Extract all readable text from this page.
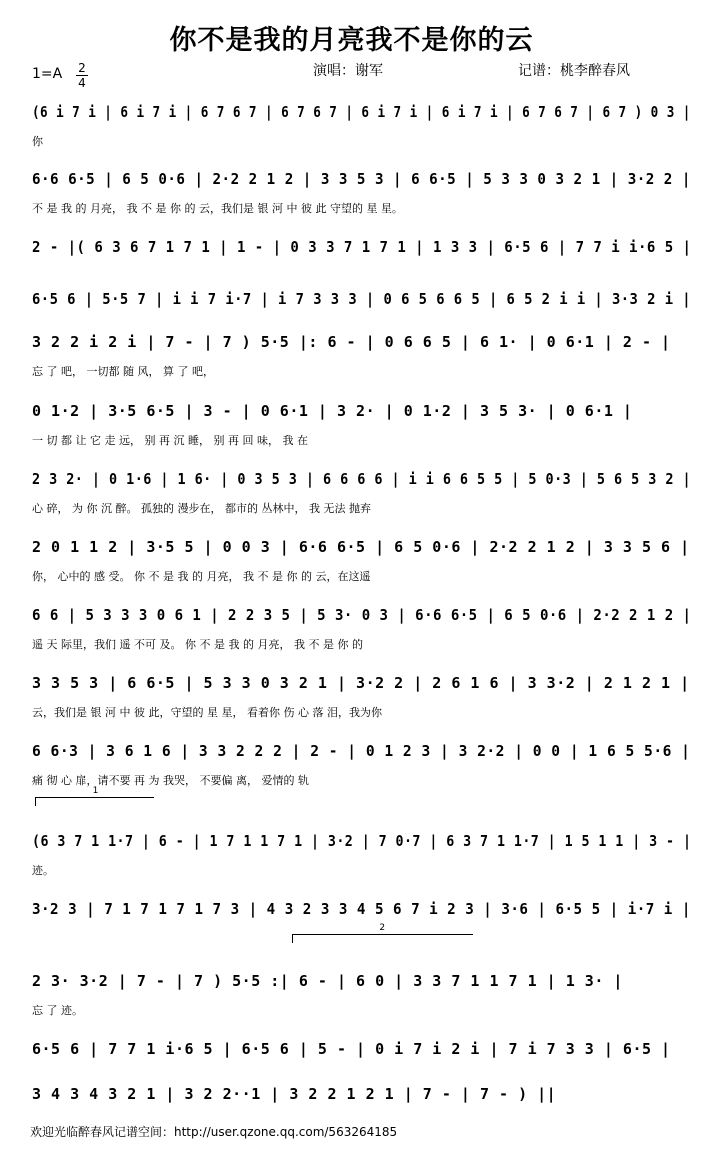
你不是我的月亮我不是你的云
1=A 2
4
演唱：谢军	记谱：桃李醉春风
(6 i 7 i | 6 i 7 i | 6 7 6 7 | 6 7 6 7 | 6 i 7 i | 6 i 7 i | 6 7 6 7 | 6 7 ) 0 3 |
你
6·6 6·5 | 6 5 0·6 | 2·2 2 1 2 | 3 3 5 3 | 6 6·5 | 5 3 3 0 3 2 1 | 3·2 2 |
不 是 我 的 月亮， 我 不 是 你 的 云，我们是 银 河 中 彼 此 守望的 星 星。
2 - |( 6 3 6 7 1 7 1 | 1 - | 0 3 3 7 1 7 1 | 1 3 3 | 6·5 6 | 7 7 i i·6 5 |
6·5 6 | 5·5 7 | i i 7 i·7 | i 7 3 3 3 | 0 6 5 6 6 5 | 6 5 2 i i | 3·3 2 i |
3 2 2 i 2 i | 7 - | 7 ) 5·5 |: 6 - | 0 6 6 5 | 6 1· | 0 6·1 | 2 - |
忘 了 吧， 一切都 随 风， 算 了 吧，
0 1·2 | 3·5 6·5 | 3 - | 0 6·1 | 3 2· | 0 1·2 | 3 5 3· | 0 6·1 |
一 切 都 让 它 走 远， 别 再 沉 睡， 别 再 回 味， 我 在
2 3 2· | 0 1·6 | 1 6· | 0 3 5 3 | 6 6 6 6 | i i 6 6 5 5 | 5 0·3 | 5 6 5 3 2 |
心 碎， 为 你 沉 醉。 孤独的 漫步在， 都市的 丛林中， 我 无法 抛弃
2 0 1 1 2 | 3·5 5 | 0 0 3 | 6·6 6·5 | 6 5 0·6 | 2·2 2 1 2 | 3 3 5 6 |
你， 心中的 感 受。 你 不 是 我 的 月亮， 我 不 是 你 的 云，在这遥
6 6 | 5 3 3 3 0 6 1 | 2 2 3 5 | 5 3· 0 3 | 6·6 6·5 | 6 5 0·6 | 2·2 2 1 2 |
遥 天 际里，我们 遥 不可 及。 你 不 是 我 的 月亮， 我 不 是 你 的
3 3 5 3 | 6 6·5 | 5 3 3 0 3 2 1 | 3·2 2 | 2 6 1 6 | 3 3·2 | 2 1 2 1 |
云，我们是 银 河 中 彼 此，守望的 星 星， 看着你 伤 心 落 泪，我为你
6 6·3 | 3 6 1 6 | 3 3 2 2 2 | 2 - | 0 1 2 3 | 3 2·2 | 0 0 | 1 6 5 5·6 |
痛 彻 心 扉，请不要 再 为 我哭， 不要偏 离， 爱情的 轨
(6 3 7 1 1·7 | 6 - | 1 7 1 1 7 1 | 3·2 | 7 0·7 | 6 3 7 1 1·7 | 1 5 1 1 | 3 - |
迹。
3·2 3 | 7 1 7 1 7 1 7 3 | 4 3 2 3 3 4 5 6 7 i 2 3 | 3·6 | 6·5 5 | i·7 i |
2 3· 3·2 | 7 - | 7 ) 5·5 :| 6 - | 6 0 | 3 3 7 1 1 7 1 | 1 3· |
忘 了 迹。
6·5 6 | 7 7 1 i·6 5 | 6·5 6 | 5 - | 0 i 7 i 2 i | 7 i 7 3 3 | 6·5 |
3 4 3 4 3 2 1 | 3 2 2··1 | 3 2 2 1 2 1 | 7 - | 7 - ) ||
1
2
欢迎光临醉春风记谱空间：http://user.qzone.qq.com/563264185
